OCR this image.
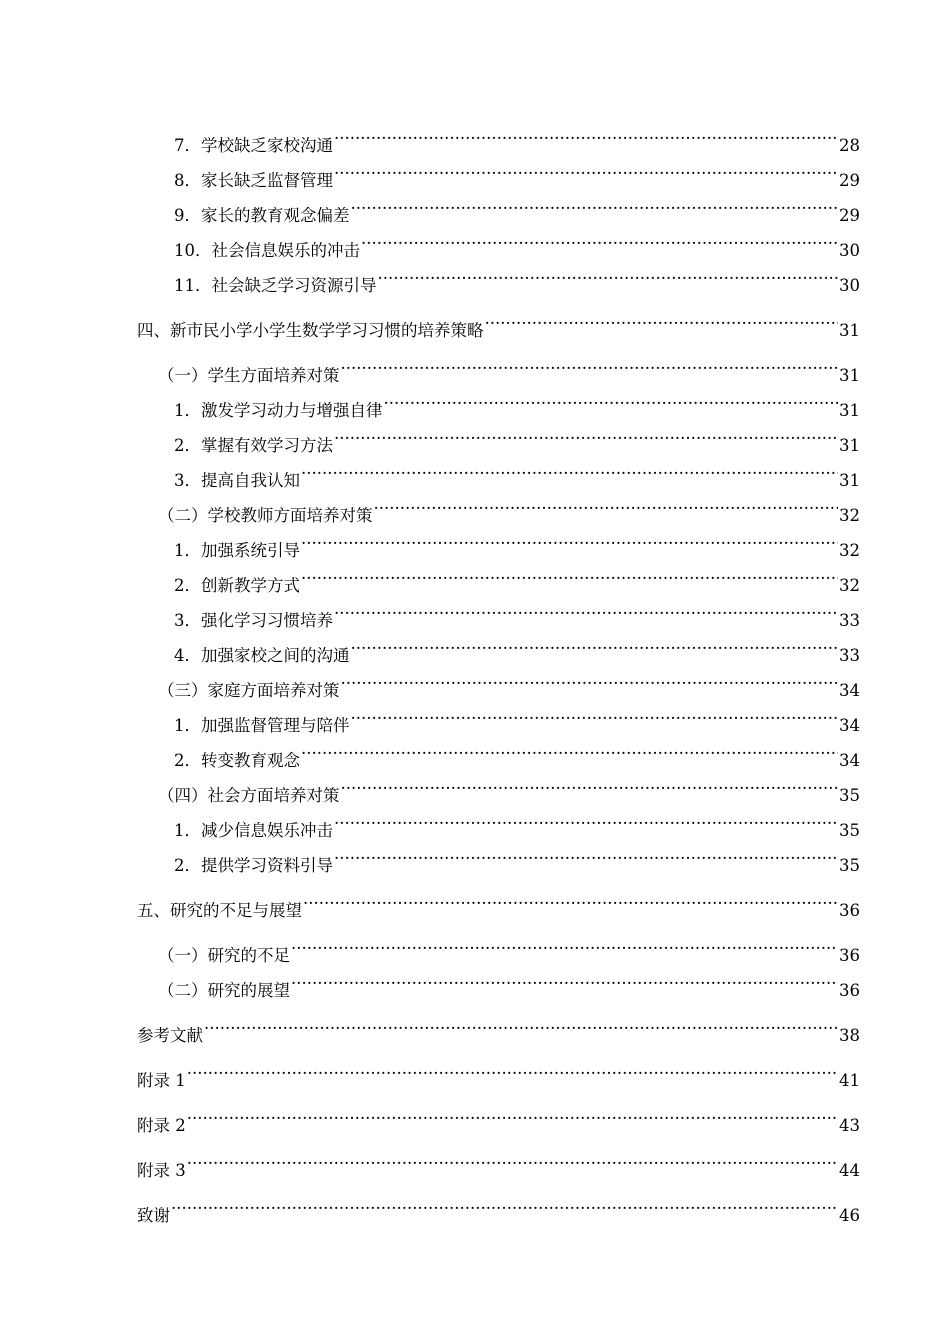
7．学校缺乏家校沟通 .....	28
8．家长缺乏监督管理 .....	29
9．家长的教育观念偏差 .....	29
10．社会信息娱乐的冲击 .....	30
11．社会缺乏学习资源引导 .....	30
四、新市民小学小学生数学学习习惯的培养策略 .....	31
（一）学生方面培养对策 .....	31
1．激发学习动力与增强自律 .....	31
2．掌握有效学习方法 .....	31
3．提高自我认知 .....	31
（二）学校教师方面培养对策 .....	32
1．加强系统引导 .....	32
2．创新教学方式 .....	32
3．强化学习习惯培养 .....	33
4．加强家校之间的沟通 .....	33
（三）家庭方面培养对策 .....	34
1．加强监督管理与陪伴 .....	34
2．转变教育观念 .....	34
（四）社会方面培养对策 .....	35
1．减少信息娱乐冲击 .....	35
2．提供学习资料引导 .....	35
五、研究的不足与展望 .....	36
（一）研究的不足 .....	36
（二）研究的展望 .....	36
参考文献 .....	38
附录 1 .....	41
附录 2 .....	43
附录 3 .....	44
致谢 .....	46
